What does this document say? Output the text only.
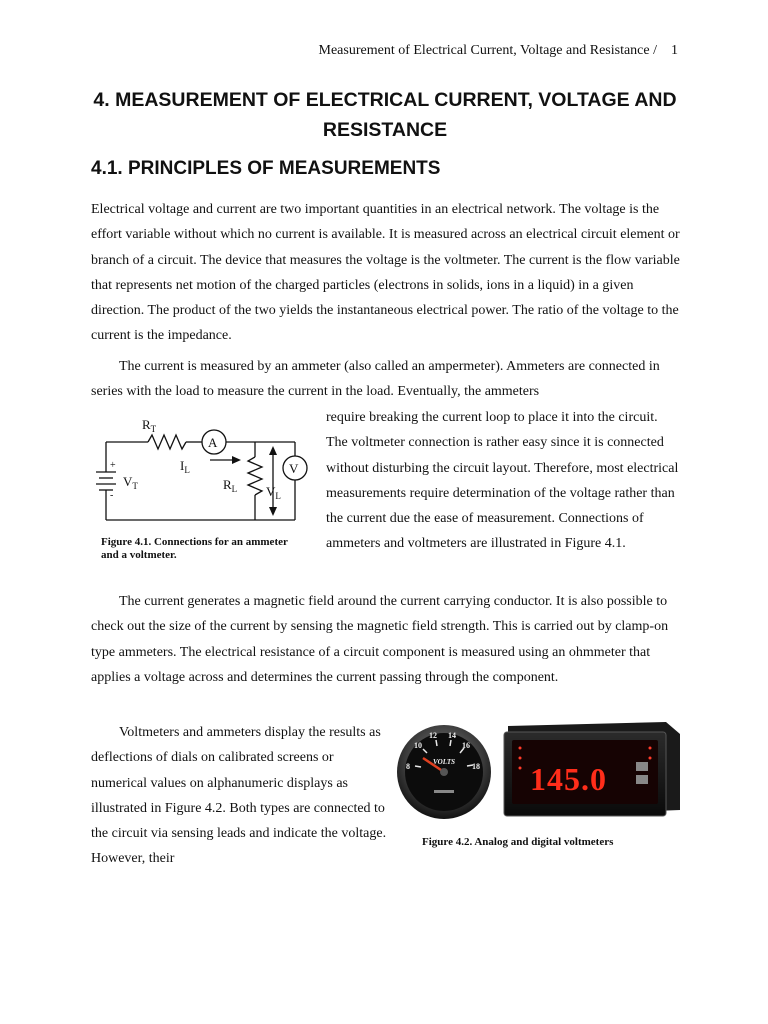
Measurement of Electrical Current, Voltage and Resistance / 1
4. MEASUREMENT OF ELECTRICAL CURRENT, VOLTAGE AND RESISTANCE
4.1. PRINCIPLES OF MEASUREMENTS

Electrical voltage and current are two important quantities in an electrical network. The voltage is the effort variable without which no current is available. It is measured across an electrical circuit element or branch of a circuit. The device that measures the voltage is the voltmeter. The current is the flow variable that represents net motion of the charged particles (electrons in solids, ions in a liquid) in a given direction. The product of the two yields the instantaneous electrical power. The ratio of the voltage to the current is the impedance.

The current is measured by an ammeter (also called an ampermeter). Ammeters are connected in series with the load to measure the current in the load. Eventually, the ammeters

require breaking the current loop to place it into the circuit. The voltmeter connection is rather easy since it is connected without disturbing the circuit layout. Therefore, most electrical measurements require determination of the voltage rather than the current due the ease of measurement. Connections of ammeters and voltmeters are illustrated in Figure 4.1.

$R_T$
A
V
$I_L$
$V_T$	$R_L$ $V_L$
+
-
Figure 4.1. Connections for an ammeter and a voltmeter.

The current generates a magnetic field around the current carrying conductor. It is also possible to check out the size of the current by sensing the magnetic field strength. This is carried out by clamp-on type ammeters. The electrical resistance of a circuit component is measured using an ohmmeter that applies a voltage across and determines the current passing through the component.

Voltmeters and ammeters display the results as deflections of dials on calibrated screens or numerical values on alphanumeric displays as illustrated in Figure 4.2. Both types are connected to the circuit via sensing leads and indicate the voltage. However, their

8
10
12 14
16
18
VOLTS 145.0
Figure 4.2. Analog and digital voltmeters
